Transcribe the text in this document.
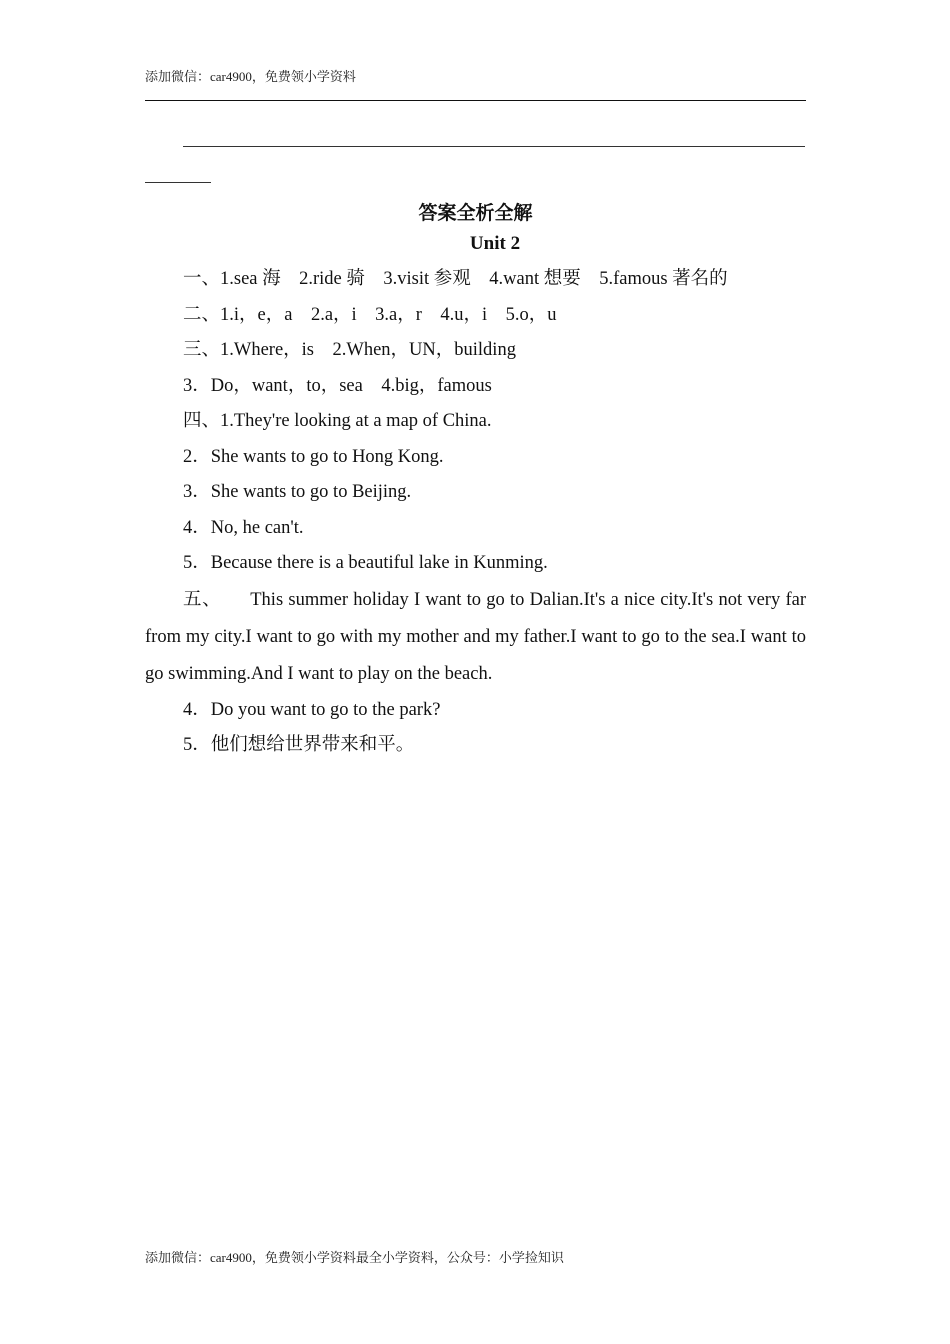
添加微信：car4900，免费领小学资料
答案全析全解
Unit 2
一、1.sea 海　2.ride 骑　3.visit 参观　4.want 想要　5.famous 著名的
二、1.i，e，a　2.a，i　3.a，r　4.u，i　5.o，u
三、1.Where，is　2.When，UN，building
3．Do，want，to，sea　4.big，famous
四、1.They're looking at a map of China.
2．She wants to go to Hong Kong.
3．She wants to go to Beijing.
4．No, he can't.
5．Because there is a beautiful lake in Kunming.
五、　　This summer holiday I want to go to Dalian.It's a nice city.It's not very far from my city.I want to go with my mother and my father.I want to go to the sea.I want to go swimming.And I want to play on the beach.
4．Do you want to go to the park?
5．他们想给世界带来和平。
添加微信：car4900，免费领小学资料最全小学资料，公众号：小学捡知识
